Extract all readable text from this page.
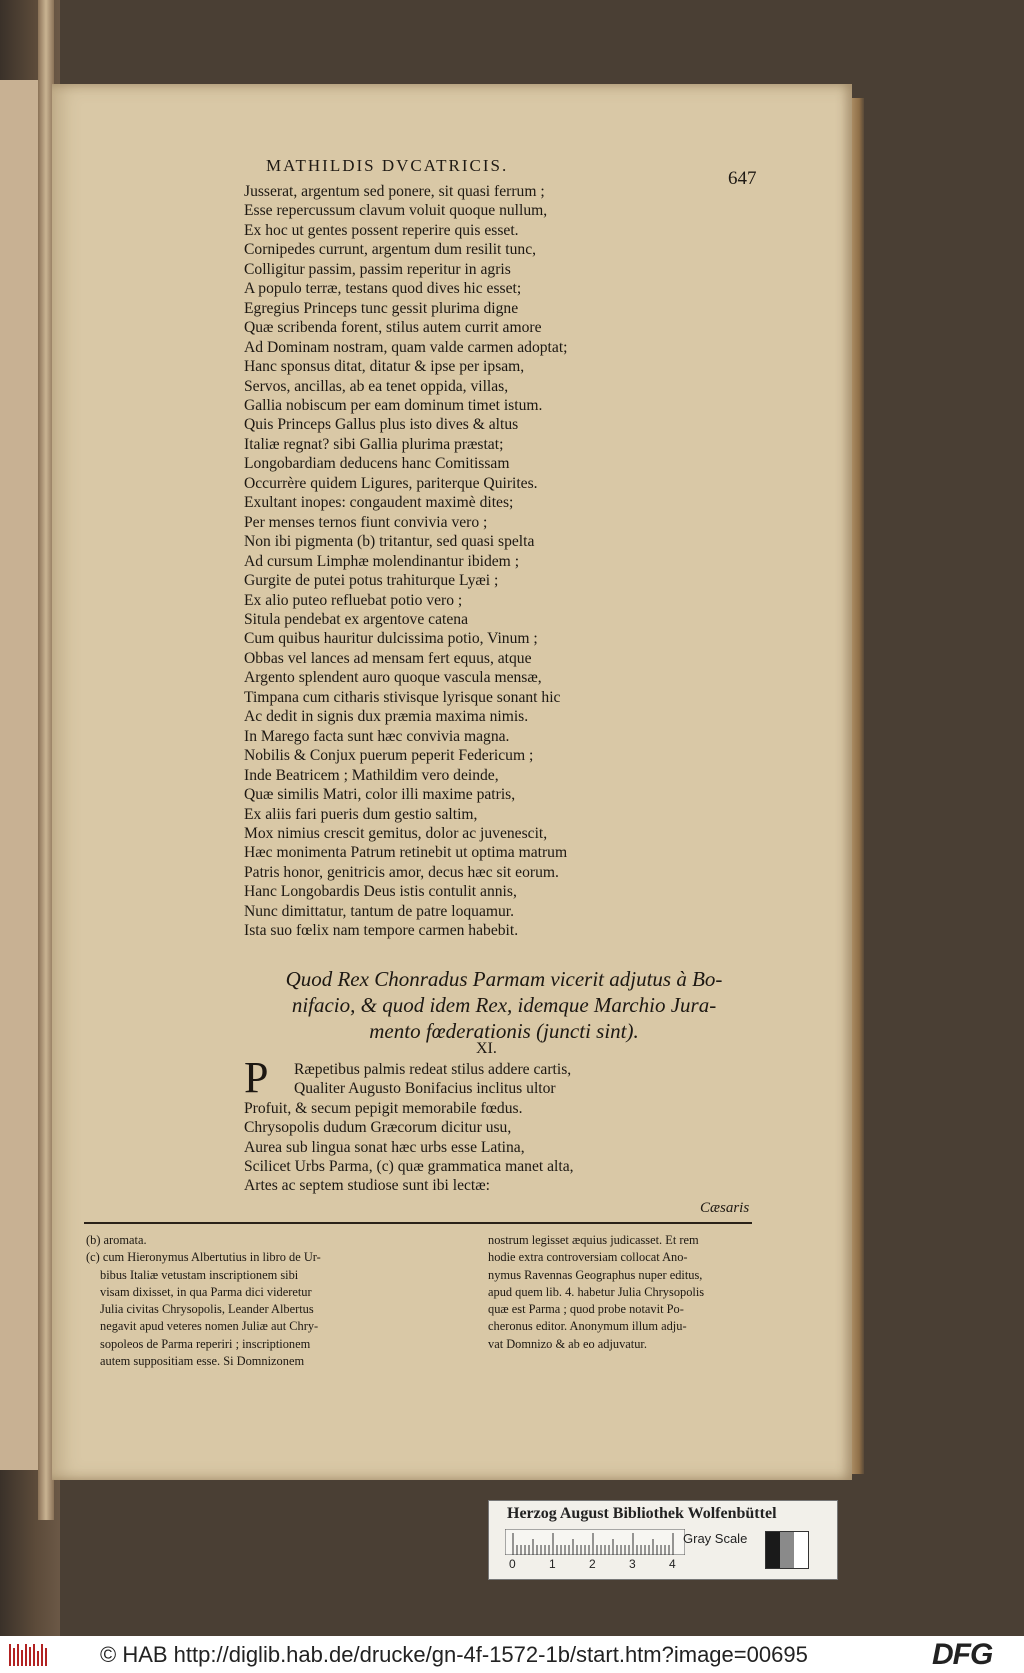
MATHILDIS DVCATRICIS.
647
Jusserat, argentum sed ponere, sit quasi ferrum ;
Esse repercussum clavum voluit quoque nullum,
Ex hoc ut gentes possent reperire quis esset.
Cornipedes currunt, argentum dum resilit tunc,
Colligitur passim, passim reperitur in agris
A populo terræ, testans quod dives hic esset;
Egregius Princeps tunc gessit plurima digne
Quæ scribenda forent, stilus autem currit amore
Ad Dominam nostram, quam valde carmen adoptat;
Hanc sponsus ditat, ditatur & ipse per ipsam,
Servos, ancillas, ab ea tenet oppida, villas,
Gallia nobiscum per eam dominum timet istum.
Quis Princeps Gallus plus isto dives & altus
Italiæ regnat? sibi Gallia plurima præstat;
Longobardiam deducens hanc Comitissam
Occurrère quidem Ligures, pariterque Quirites.
Exultant inopes: congaudent maximè dites;
Per menses ternos fiunt convivia vero ;
Non ibi pigmenta (b) tritantur, sed quasi spelta
Ad cursum Limphæ molendinantur ibidem ;
Gurgite de putei potus trahiturque Lyæi ;
Ex alio puteo refluebat potio vero ;
Situla pendebat ex argentove catena
Cum quibus hauritur dulcissima potio, Vinum ;
Obbas vel lances ad mensam fert equus, atque
Argento splendent auro quoque vascula mensæ,
Timpana cum citharis stivisque lyrisque sonant hic
Ac dedit in signis dux præmia maxima nimis.
In Marego facta sunt hæc convivia magna.
Nobilis & Conjux puerum peperit Federicum ;
Inde Beatricem ; Mathildim vero deinde,
Quæ similis Matri, color illi maxime patris,
Ex aliis fari pueris dum gestio saltim,
Mox nimius crescit gemitus, dolor ac juvenescit,
Hæc monimenta Patrum retinebit ut optima matrum
Patris honor, genitricis amor, decus hæc sit eorum.
Hanc Longobardis Deus istis contulit annis,
Nunc dimittatur, tantum de patre loquamur.
Ista suo fœlix nam tempore carmen habebit.
Quod Rex Chonradus Parmam vicerit adjutus à Bo-
nifacio, & quod idem Rex, idemque Marchio Jura-
mento fœderationis (juncti sint).
XI.
P	Ræpetibus palmis redeat stilus addere cartis,
Qualiter Augusto Bonifacius inclitus ultor
Profuit, & secum pepigit memorabile fœdus.
Chrysopolis dudum Græcorum dicitur usu,
Aurea sub lingua sonat hæc urbs esse Latina,
Scilicet Urbs Parma, (c) quæ grammatica manet alta,
Artes ac septem studiose sunt ibi lectæ:
Cæsaris
(b) aromata.
(c) cum Hieronymus Albertutius in libro de Ur-
bibus Italiæ vetustam inscriptionem sibi
visam dixisset, in qua Parma dici videretur
Julia civitas Chrysopolis, Leander Albertus
negavit apud veteres nomen Juliæ aut Chry-
sopoleos de Parma reperiri ; inscriptionem
autem suppositiam esse. Si Domnizonem
nostrum legisset æquius judicasset. Et rem
hodie extra controversiam collocat Ano-
nymus Ravennas Geographus nuper editus,
apud quem lib. 4. habetur Julia Chrysopolis
quæ est Parma ; quod probe notavit Po-
cheronus editor. Anonymum illum adju-
vat Domnizo & ab eo adjuvatur.
Herzog August Bibliothek Wolfenbüttel
0	1	2	3	4
Gray Scale
© HAB http://diglib.hab.de/drucke/gn-4f-1572-1b/start.htm?image=00695	DFG
